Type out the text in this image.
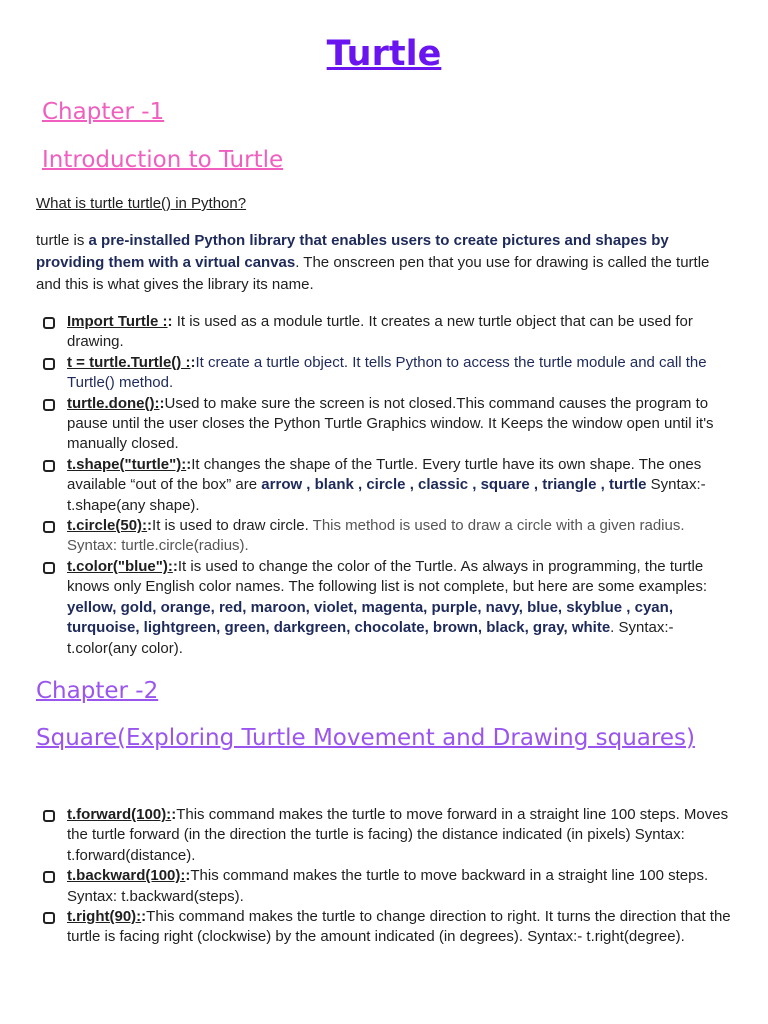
Turtle
Chapter -1
Introduction to Turtle

What is turtle turtle() in Python?

turtle is a pre-installed Python library that enables users to create pictures and shapes by providing them with a virtual canvas. The onscreen pen that you use for drawing is called the turtle and this is what gives the library its name.

Import Turtle :: It is used as a module turtle. It creates a new turtle object that can be used for drawing.
t = turtle.Turtle() ::It create a turtle object. It tells Python to access the turtle module and call the Turtle() method.
turtle.done()::Used to make sure the screen is not closed.This command causes the program to pause until the user closes the Python Turtle Graphics window. It Keeps the window open until it's manually closed.
t.shape("turtle")::It changes the shape of the Turtle. Every turtle have its own shape. The ones available “out of the box” are arrow , blank , circle , classic , square , triangle , turtle Syntax:- t.shape(any shape).
t.circle(50)::It is used to draw circle. This method is used to draw a circle with a given radius. Syntax: turtle.circle(radius).
t.color("blue")::It is used to change the color of the Turtle. As always in programming, the turtle knows only English color names. The following list is not complete, but here are some examples: yellow, gold, orange, red, maroon, violet, magenta, purple, navy, blue, skyblue , cyan, turquoise, lightgreen, green, darkgreen, chocolate, brown, black, gray, white. Syntax:- t.color(any color).
Chapter -2
Square(Exploring Turtle Movement and Drawing squares)
t.forward(100)::This command makes the turtle to move forward in a straight line 100 steps. Moves the turtle forward (in the direction the turtle is facing) the distance indicated (in pixels) Syntax: t.forward(distance).
t.backward(100)::This command makes the turtle to move backward in a straight line 100 steps. Syntax: t.backward(steps).
t.right(90)::This command makes the turtle to change direction to right. It turns the direction that the turtle is facing right (clockwise) by the amount indicated (in degrees). Syntax:- t.right(degree).
